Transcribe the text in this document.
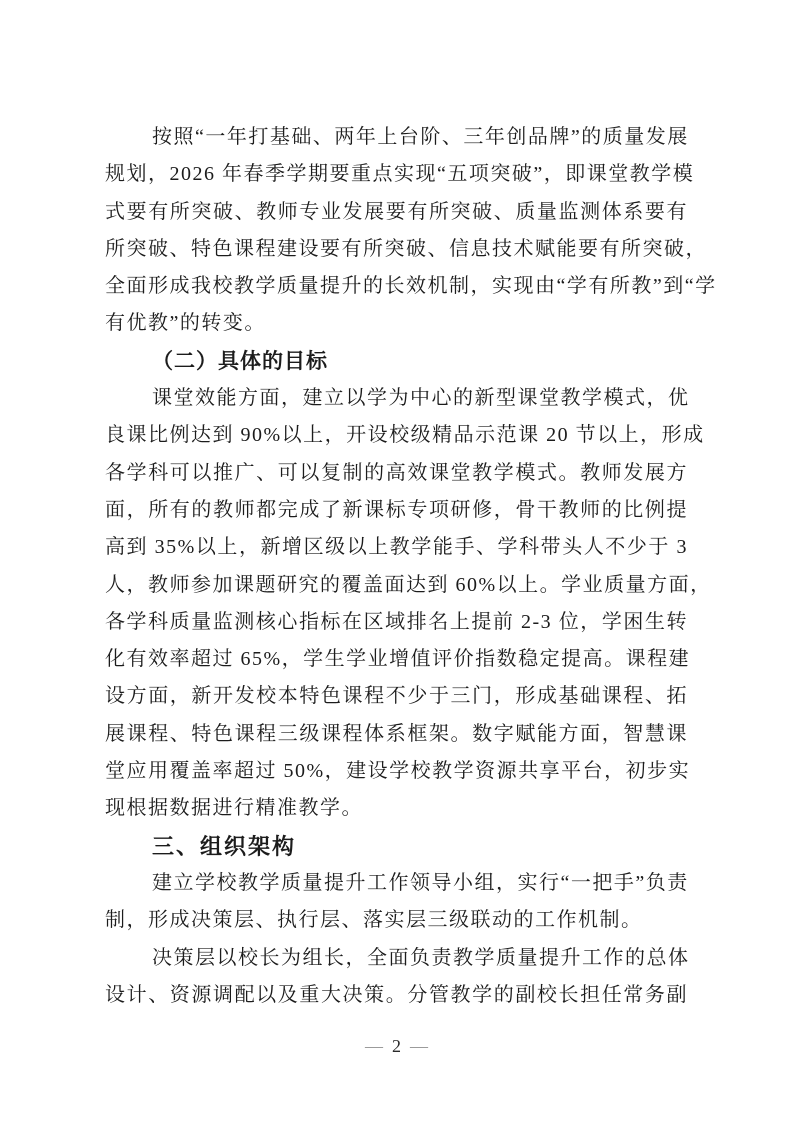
按照“一年打基础、两年上台阶、三年创品牌”的质量发展
规划，2026 年春季学期要重点实现“五项突破”，即课堂教学模
式要有所突破、教师专业发展要有所突破、质量监测体系要有
所突破、特色课程建设要有所突破、信息技术赋能要有所突破，
全面形成我校教学质量提升的长效机制，实现由“学有所教”到“学
有优教”的转变。
（二）具体的目标
课堂效能方面，建立以学为中心的新型课堂教学模式，优
良课比例达到 90%以上，开设校级精品示范课 20 节以上，形成
各学科可以推广、可以复制的高效课堂教学模式。教师发展方
面，所有的教师都完成了新课标专项研修，骨干教师的比例提
高到 35%以上，新增区级以上教学能手、学科带头人不少于 3
人，教师参加课题研究的覆盖面达到 60%以上。学业质量方面，
各学科质量监测核心指标在区域排名上提前 2-3 位，学困生转
化有效率超过 65%，学生学业增值评价指数稳定提高。课程建
设方面，新开发校本特色课程不少于三门，形成基础课程、拓
展课程、特色课程三级课程体系框架。数字赋能方面，智慧课
堂应用覆盖率超过 50%，建设学校教学资源共享平台，初步实
现根据数据进行精准教学。
三、组织架构
建立学校教学质量提升工作领导小组，实行“一把手”负责
制，形成决策层、执行层、落实层三级联动的工作机制。
决策层以校长为组长，全面负责教学质量提升工作的总体
设计、资源调配以及重大决策。分管教学的副校长担任常务副
— 2 —
